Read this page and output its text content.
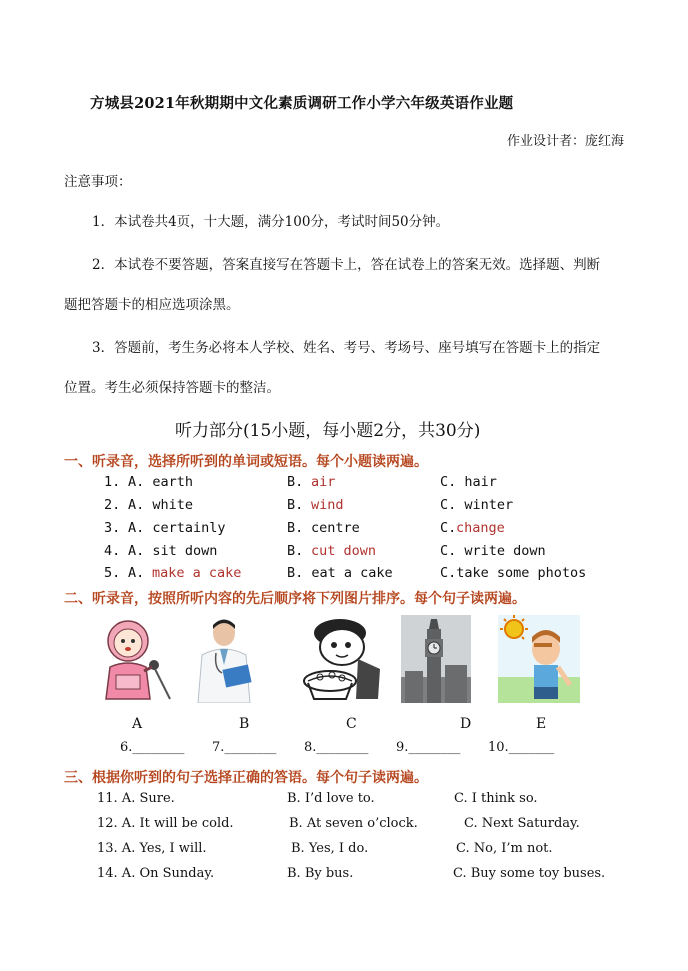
方城县2021年秋期期中文化素质调研工作小学六年级英语作业题
作业设计者：庞红海
注意事项：
1．本试卷共4页，十大题，满分100分，考试时间50分钟。
2．本试卷不要答题，答案直接写在答题卡上，答在试卷上的答案无效。选择题、判断
题把答题卡的相应选项涂黑。
3．答题前，考生务必将本人学校、姓名、考号、考场号、座号填写在答题卡上的指定
位置。考生必须保持答题卡的整洁。
听力部分(15小题，每小题2分，共30分)
一、听录音，选择所听到的单词或短语。每个小题读两遍。
1. A. earth	B. air	C. hair
2. A. white	B. wind	C. winter
3. A. certainly	B. centre	C. change
4. A. sit down	B. cut down	C. write down
5. A. make a cake	B. eat a cake	C.take some photos
二、听录音，按照所听内容的先后顺序将下列图片排序。每个句子读两遍。
A	B	C	D	E
6.________ 7.________ 8.________ 9.________ 10._______
三、根据你听到的句子选择正确的答语。每个句子读两遍。
11. A. Sure.	B. I’d love to.	C. I think so.
12. A. It will be cold.	B. At seven o’clock.	C. Next Saturday.
13. A. Yes, I will.	B. Yes, I do.	C. No, I’m not.
14. A. On Sunday.	B. By bus.	C. Buy some toy buses.
